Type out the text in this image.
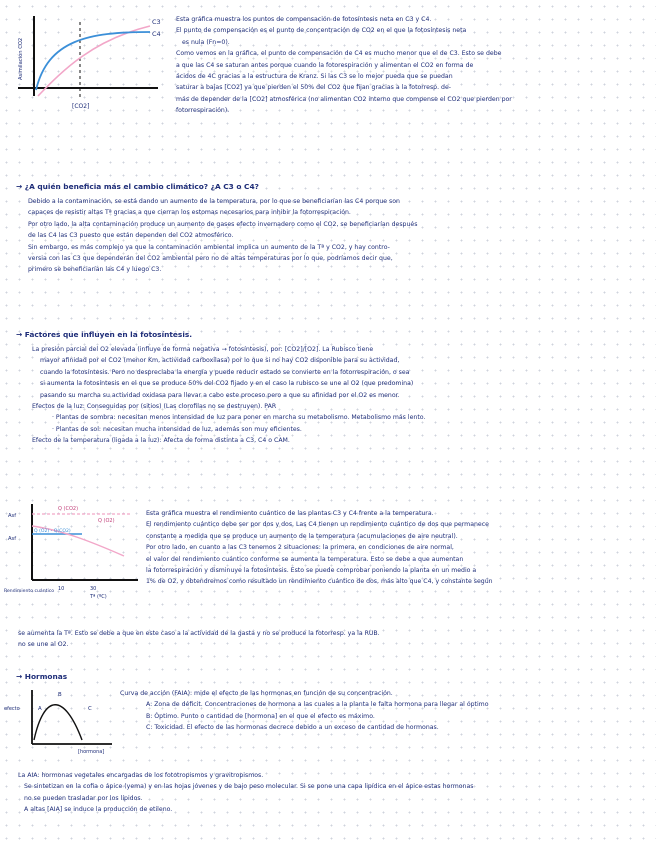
C3
C4
Asimilación CO2
[CO2]

Esta gráfica muestra los puntos de compensación de fotosíntesis neta en C3 y C4.

El punto de compensación es el punto de concentración de CO2 en el que la fotosíntesis neta

es nula (Fn=0).

Como vemos en la gráfica, el punto de compensación de C4 es mucho menor que el de C3. Esto se debe

a que las C4 se saturan antes porque cuando la fotorespiración y alimentan el CO2 en forma de

ácidos de 4C gracias a la estructura de Kranz. Si las C3 se lo mejor pueda que se puedan

saturar a bajas [CO2] ya que pierden el 50% del CO2 que fijan gracias a la fotorresp. de-

más de depender de la [CO2] atmosférica (no alimentan CO2 interno que compense el CO2 que pierden por

fotorrespiración).

→ ¿A quién beneficia más el cambio climático? ¿A C3 o C4?

Debido a la contaminación, se está dando un aumento de la temperatura, por lo que se beneficiarían las C4 porque son

capaces de resistir altas Tª gracias a que cierran los estomas necesarios para inhibir la fotorrespiración.

Por otro lado, la alta contaminación produce un aumento de gases efecto invernadero como el CO2, se beneficiarían después

de las C4 las C3 puesto que están dependen del CO2 atmosférico.

Sin embargo, es más complejo ya que la contaminación ambiental implica un aumento de la Tª y CO2, y hay contro-

versia con las C3 que dependerán del CO2 ambiental pero no de altas temperaturas por lo que, podríamos decir que,

primero se beneficiarían las C4 y luego C3.

→ Factores que influyen en la fotosíntesis.

La presión parcial del O2 elevada (influye de forma negativa → fotosíntesis), por: [CO2]/[O2]. La Rubisco tiene

mayor afinidad por el CO2 (menor Km, actividad carboxilasa) por lo que si no hay CO2 disponible para su actividad,

cuando la fotosíntesis. Pero no despreciaba la energía y puede reducir estado se convierte en la fotorrespiración, o sea

si aumenta la fotosíntesis en el que se produce 50% del CO2 fijado y en el caso la rubisco se une al O2 (que predomina)

pasando su marcha su actividad oxidasa para llevar a cabo este proceso pero a que su afinidad por el O2 es menor.

Efectos de la luz: Conseguidas por (sitios) (Las clorofilas no se destruyen). PAR

· Plantas de sombra: necesitan menos intensidad de luz para poner en marcha su metabolismo. Metabolismo más lento.

· Plantas de sol: necesitan mucha intensidad de luz, además son muy eficientes.

Efecto de la temperatura (ligada a la luz): Afecta de forma distinta a C3, C4 o CAM.

Asf
Asf
Q (CO2)
Q (O2)
Q (O2) - Q(CO2)
10	30
Tª (ºC)
Rendimiento cuántico

Esta gráfica muestra el rendimiento cuántico de las plantas C3 y C4 frente a la temperatura.

El rendimiento cuántico debe ser por dos y dos. Las C4 tienen un rendimiento cuántico de dos que permanece

constante a medida que se produce un aumento de la temperatura (acumulaciones de aire neutral).

Por otro lado, en cuanto a las C3 tenemos 2 situaciones: la primera, en condiciones de aire normal,

el valor del rendimiento cuántico conforme se aumenta la temperatura. Esto se debe a que aumentan

la fotorrespiración y disminuye la fotosíntesis. Esto se puede comprobar poniendo la planta en un medio a

1% de O2, y obtendremos como resultado un rendimiento cuántico de dos, más alto que C4, y constante según

se aumenta la Tª. Esto se debe a que en este caso a la actividad de la gasta y no se produce la fotorresp. ya la RUB.

no se une al O2.

→ Hormonas

efecto
[hormona]
A
B
C

Curva de acción (FAIA): mide el efecto de las hormonas en función de su concentración.

A: Zona de déficit. Concentraciones de hormona a las cuales a la planta le falta hormona para llegar al óptimo

B: Óptimo. Punto o cantidad de [hormona] en el que el efecto es máximo.

C: Toxicidad. El efecto de las hormonas decrece debido a un exceso de cantidad de hormonas.

La AIA: hormonas vegetales encargadas de los fototropismos y gravitropismos.

Se sintetizan en la cofia o ápice (yema) y en las hojas jóvenes y de bajo peso molecular. Si se pone una capa lipídica en el ápice estas hormonas

no se pueden trasladar por los lípidos.

A altas [AIA] se induce la producción de etileno.
